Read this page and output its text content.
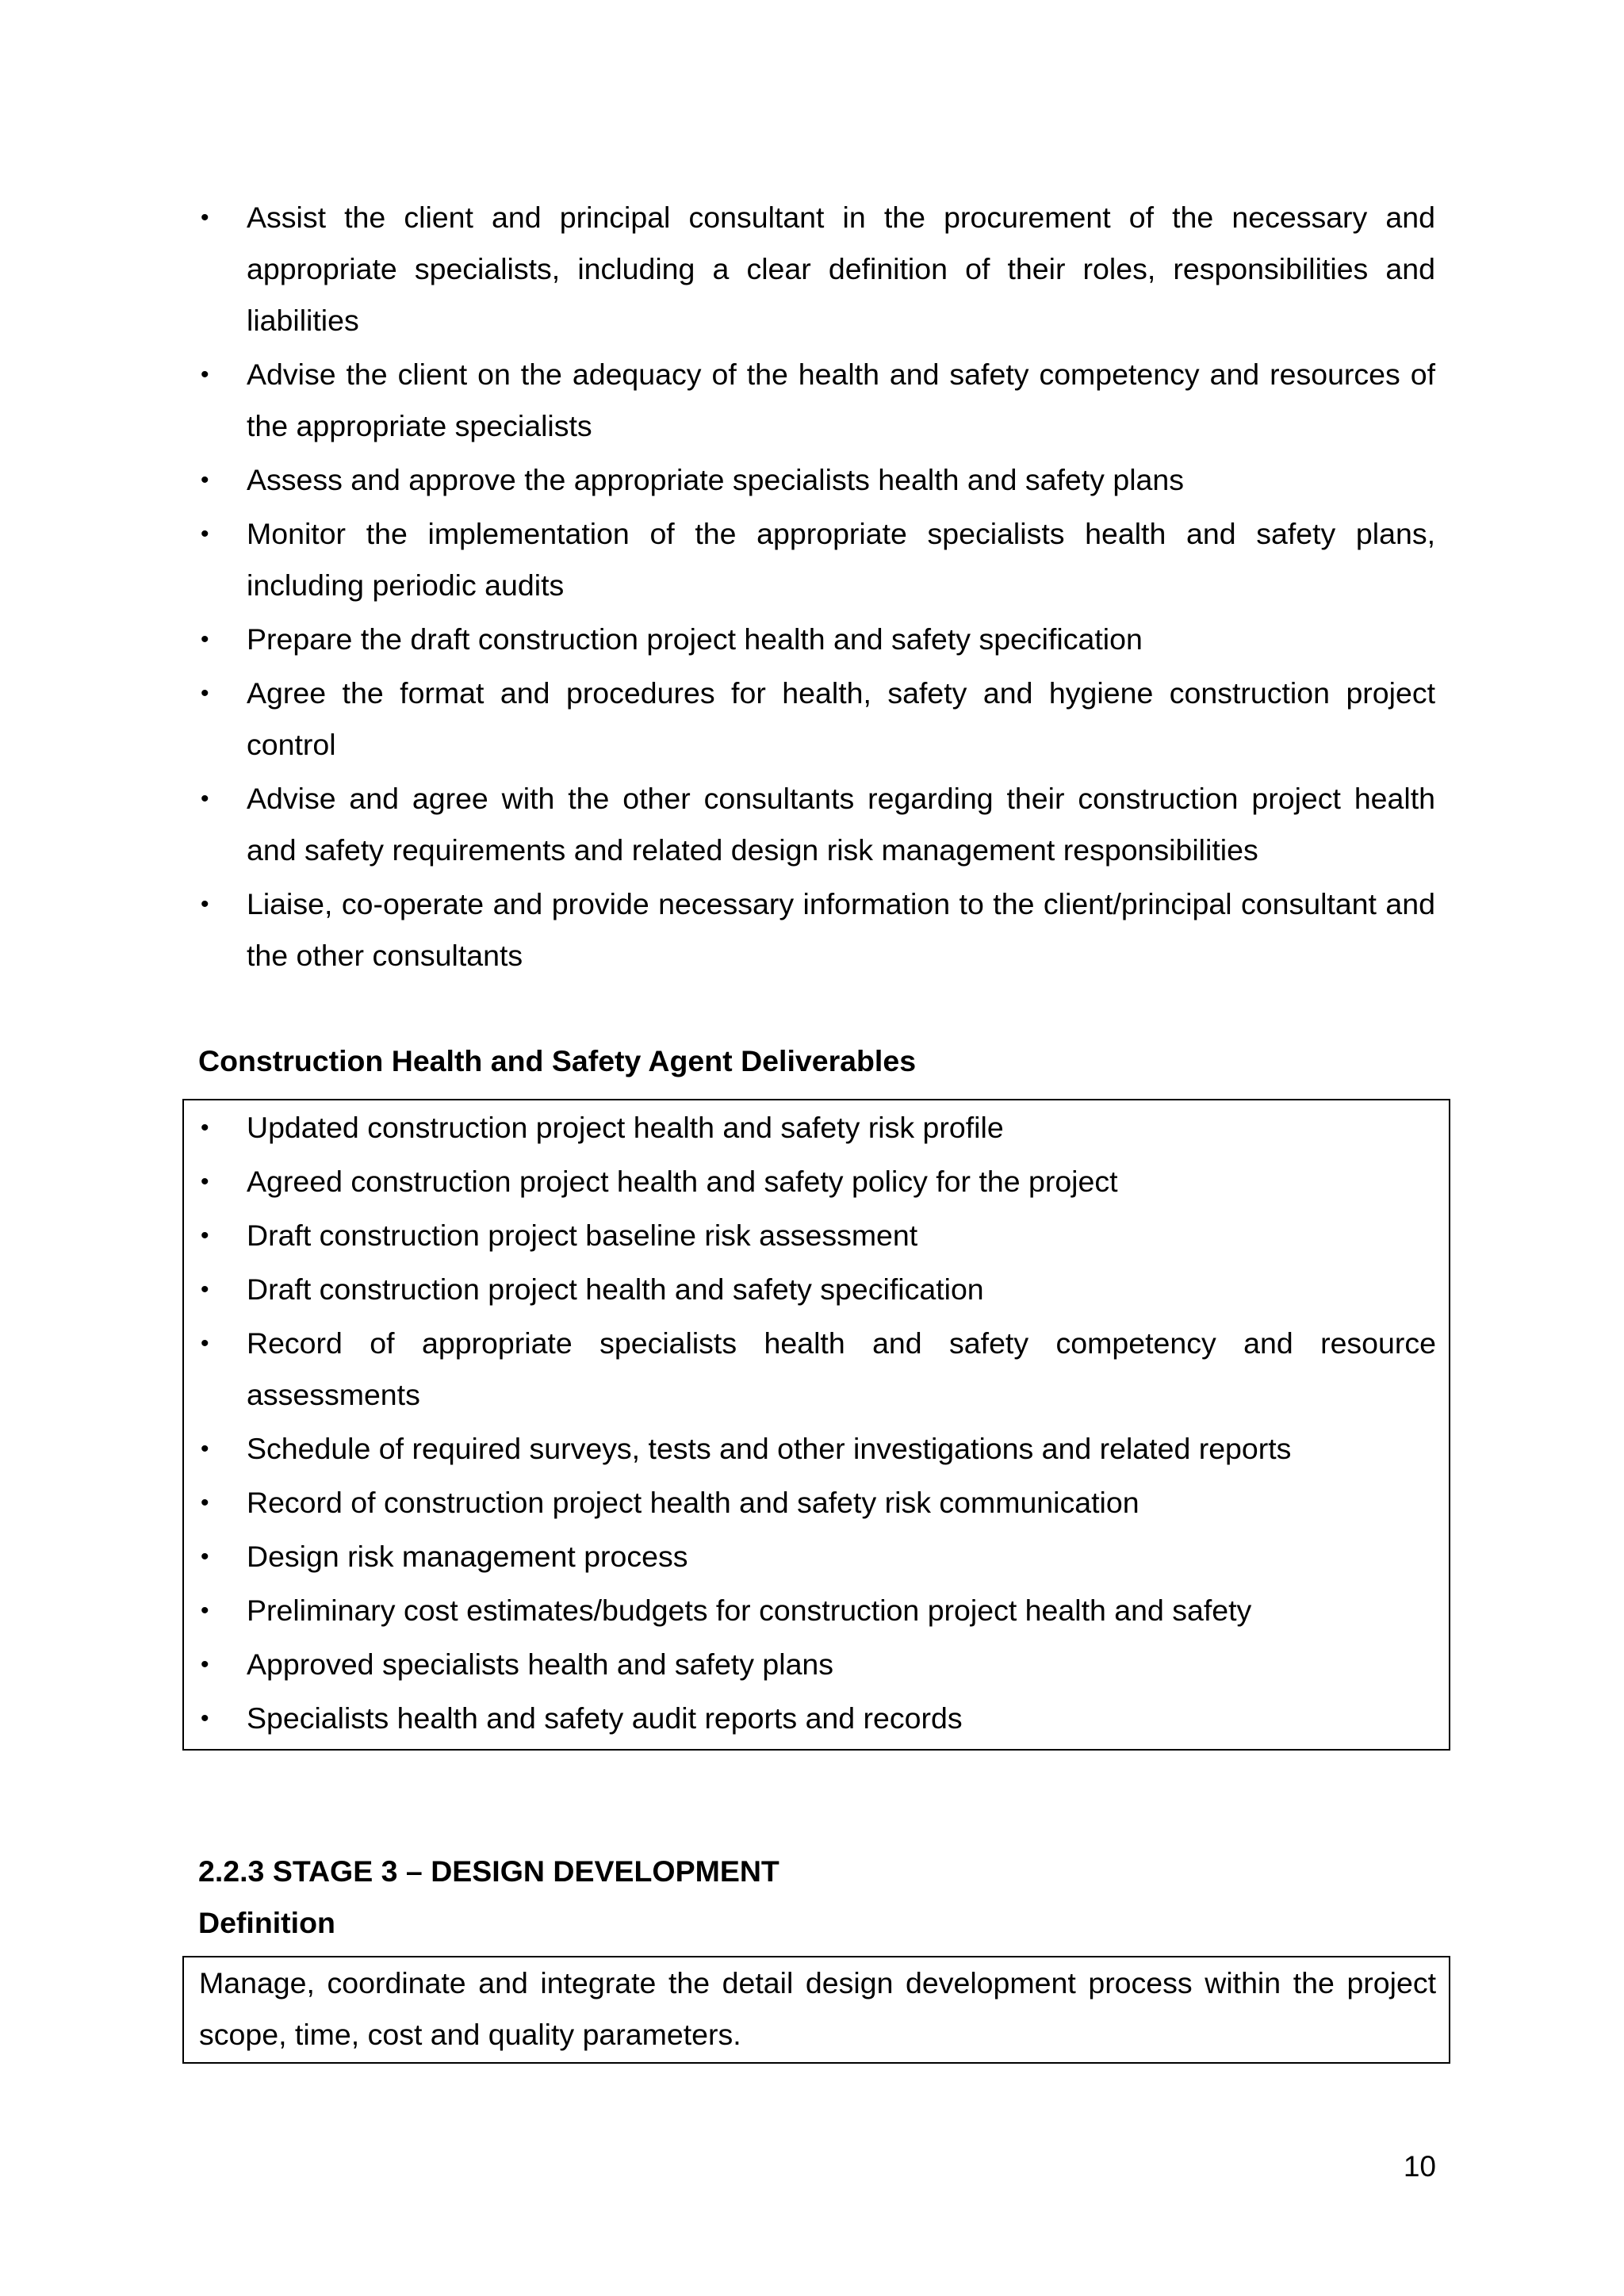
• Assist the client and principal consultant in the procurement of the necessary and appropriate specialists, including a clear definition of their roles, responsibilities and liabilities
• Advise the client on the adequacy of the health and safety competency and resources of the appropriate specialists
• Assess and approve the appropriate specialists health and safety plans
• Monitor the implementation of the appropriate specialists health and safety plans, including periodic audits
• Prepare the draft construction project health and safety specification
• Agree the format and procedures for health, safety and hygiene construction project control
• Advise and agree with the other consultants regarding their construction project health and safety requirements and related design risk management responsibilities
• Liaise, co-operate and provide necessary information to the client/principal consultant and the other consultants
Construction Health and Safety Agent Deliverables
• Updated construction project health and safety risk profile
• Agreed construction project health and safety policy for the project
• Draft construction project baseline risk assessment
• Draft construction project health and safety specification
• Record of appropriate specialists health and safety competency and resource assessments
• Schedule of required surveys, tests and other investigations and related reports
• Record of construction project health and safety risk communication
• Design risk management process
• Preliminary cost estimates/budgets for construction project health and safety
• Approved specialists health and safety plans
• Specialists health and safety audit reports and records
2.2.3 STAGE 3 – DESIGN DEVELOPMENT
Definition

Manage, coordinate and integrate the detail design development process within the project scope, time, cost and quality parameters.

10
